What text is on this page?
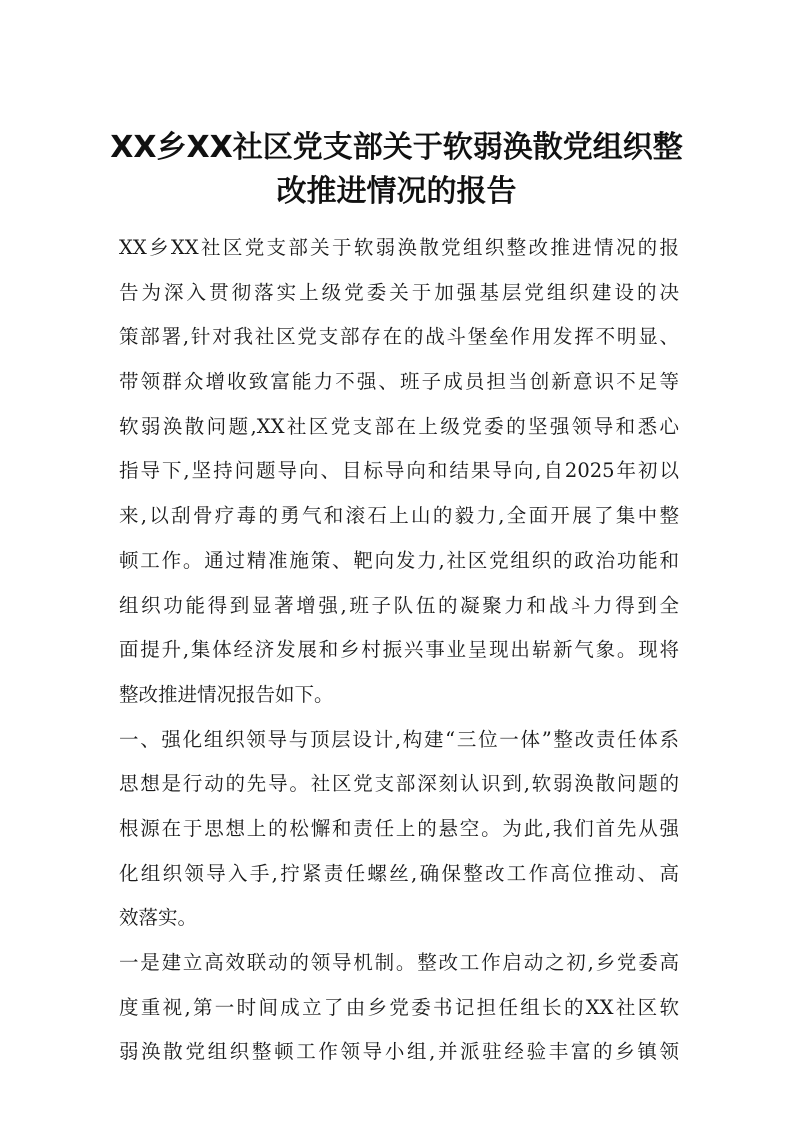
XX乡XX社区党支部关于软弱涣散党组织整
改推进情况的报告

XX乡XX社区党支部关于软弱涣散党组织整改推进情况的报

告为深入贯彻落实上级党委关于加强基层党组织建设的决

策部署,针对我社区党支部存在的战斗堡垒作用发挥不明显、

带领群众增收致富能力不强、班子成员担当创新意识不足等

软弱涣散问题,XX社区党支部在上级党委的坚强领导和悉心

指导下,坚持问题导向、目标导向和结果导向,自2025年初以

来,以刮骨疗毒的勇气和滚石上山的毅力,全面开展了集中整

顿工作。通过精准施策、靶向发力,社区党组织的政治功能和

组织功能得到显著增强,班子队伍的凝聚力和战斗力得到全

面提升,集体经济发展和乡村振兴事业呈现出崭新气象。现将

整改推进情况报告如下。

一、强化组织领导与顶层设计,构建“三位一体”整改责任体系

思想是行动的先导。社区党支部深刻认识到,软弱涣散问题的

根源在于思想上的松懈和责任上的悬空。为此,我们首先从强

化组织领导入手,拧紧责任螺丝,确保整改工作高位推动、高

效落实。

一是建立高效联动的领导机制。整改工作启动之初,乡党委高

度重视,第一时间成立了由乡党委书记担任组长的XX社区软

弱涣散党组织整顿工作领导小组,并派驻经验丰富的乡镇领
